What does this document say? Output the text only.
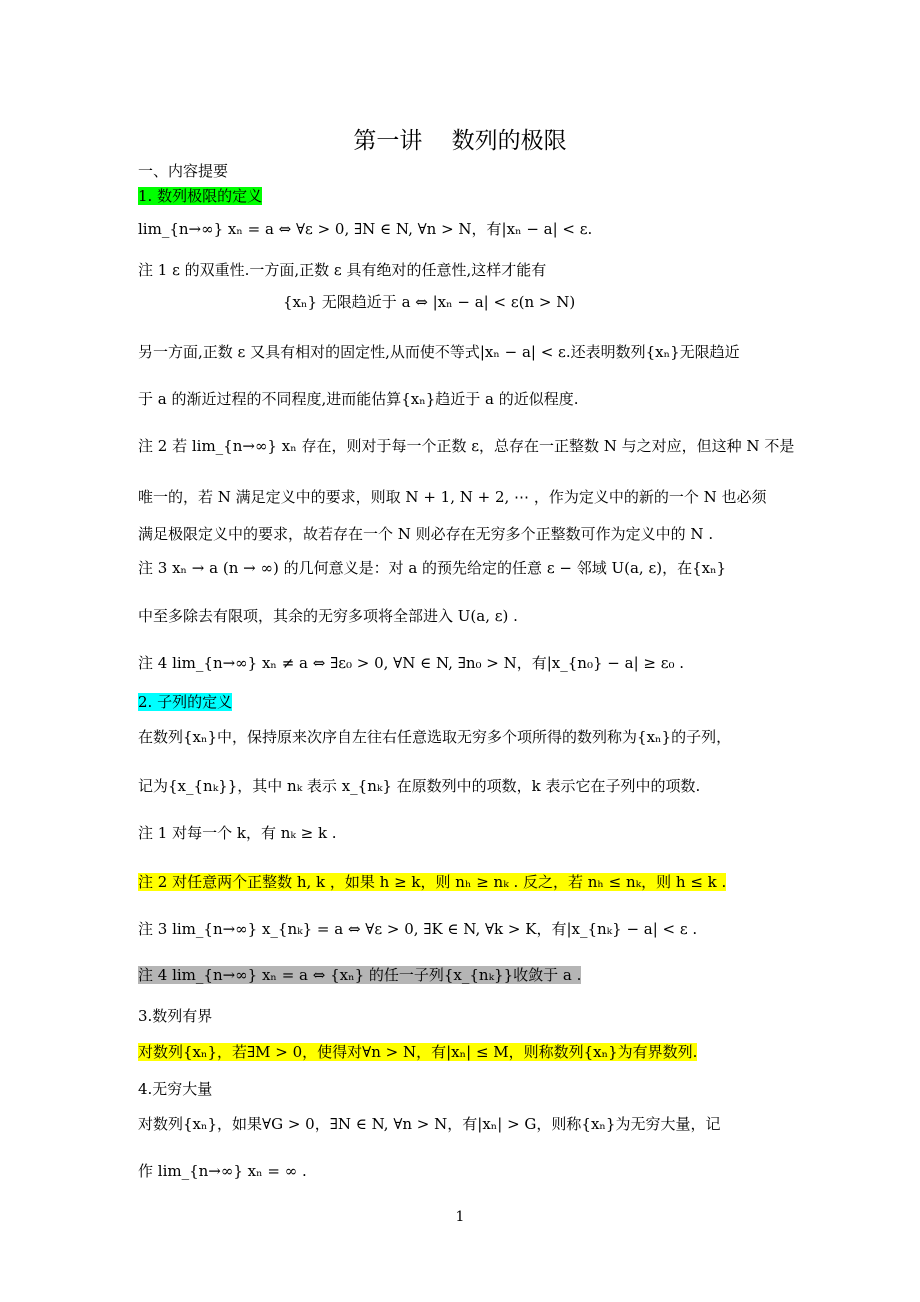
第一讲    数列的极限
一、内容提要
1. 数列极限的定义
lim_{n→∞} xₙ = a ⇔ ∀ε > 0, ∃N ∈ N, ∀n > N，有|xₙ − a| < ε.
注 1 ε 的双重性.一方面,正数 ε 具有绝对的任意性,这样才能有
{xₙ} 无限趋近于 a ⇔ |xₙ − a| < ε(n > N)
另一方面,正数 ε 又具有相对的固定性,从而使不等式|xₙ − a| < ε.还表明数列{xₙ}无限趋近
于 a 的渐近过程的不同程度,进而能估算{xₙ}趋近于 a 的近似程度.
注 2 若 lim_{n→∞} xₙ 存在，则对于每一个正数 ε，总存在一正整数 N 与之对应，但这种 N 不是
唯一的，若 N 满足定义中的要求，则取 N + 1, N + 2, ⋯ ，作为定义中的新的一个 N 也必须
满足极限定义中的要求，故若存在一个 N 则必存在无穷多个正整数可作为定义中的 N .
注 3 xₙ → a (n → ∞) 的几何意义是：对 a 的预先给定的任意 ε − 邻域 U(a, ε)，在{xₙ}
中至多除去有限项，其余的无穷多项将全部进入 U(a, ε) .
注 4 lim_{n→∞} xₙ ≠ a ⇔ ∃ε₀ > 0, ∀N ∈ N, ∃n₀ > N，有|x_{n₀} − a| ≥ ε₀ .
2. 子列的定义
在数列{xₙ}中，保持原来次序自左往右任意选取无穷多个项所得的数列称为{xₙ}的子列，
记为{x_{nₖ}}，其中 nₖ 表示 x_{nₖ} 在原数列中的项数，k 表示它在子列中的项数.
注 1 对每一个 k，有 nₖ ≥ k .
注 2 对任意两个正整数 h, k ，如果 h ≥ k，则 nₕ ≥ nₖ . 反之，若 nₕ ≤ nₖ，则 h ≤ k .
注 3 lim_{n→∞} x_{nₖ} = a ⇔ ∀ε > 0, ∃K ∈ N, ∀k > K，有|x_{nₖ} − a| < ε .
注 4 lim_{n→∞} xₙ = a ⇔ {xₙ} 的任一子列{x_{nₖ}}收敛于 a .
3.数列有界
对数列{xₙ}，若∃M > 0，使得对∀n > N，有|xₙ| ≤ M，则称数列{xₙ}为有界数列.
4.无穷大量
对数列{xₙ}，如果∀G > 0，∃N ∈ N, ∀n > N，有|xₙ| > G，则称{xₙ}为无穷大量，记
作 lim_{n→∞} xₙ = ∞ .
1
